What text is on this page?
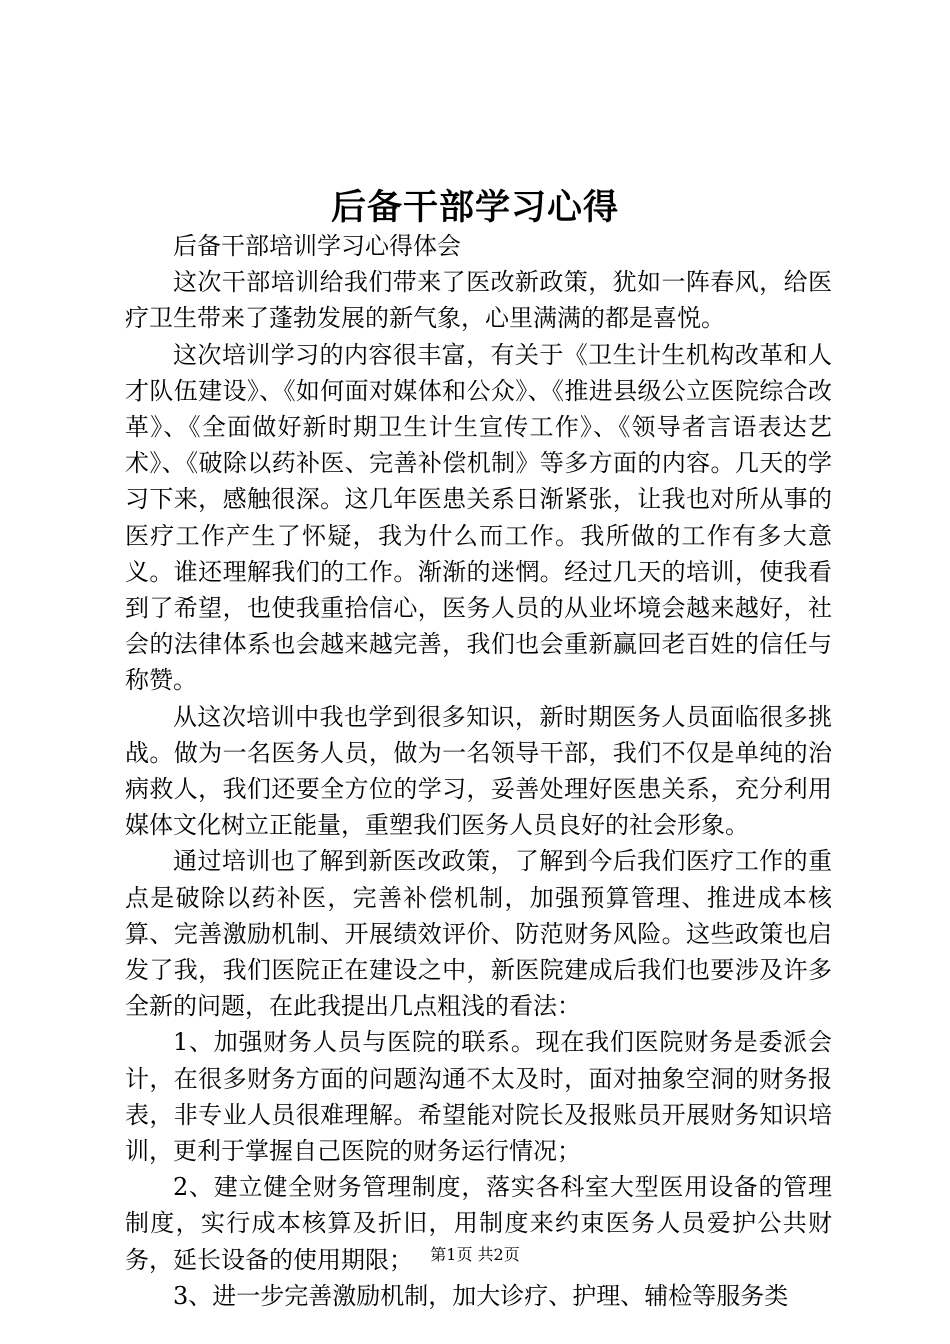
后备干部学习心得

后备干部培训学习心得体会

这次干部培训给我们带来了医改新政策，犹如一阵春风，给医疗卫生带来了蓬勃发展的新气象，心里满满的都是喜悦。

这次培训学习的内容很丰富，有关于《卫生计生机构改革和人才队伍建设》、《如何面对媒体和公众》、《推进县级公立医院综合改革》、《全面做好新时期卫生计生宣传工作》、《领导者言语表达艺术》、《破除以药补医、完善补偿机制》等多方面的内容。几天的学习下来，感触很深。这几年医患关系日渐紧张，让我也对所从事的医疗工作产生了怀疑，我为什么而工作。我所做的工作有多大意义。谁还理解我们的工作。渐渐的迷惘。经过几天的培训，使我看到了希望，也使我重拾信心，医务人员的从业坏境会越来越好，社会的法律体系也会越来越完善，我们也会重新赢回老百姓的信任与称赞。

从这次培训中我也学到很多知识，新时期医务人员面临很多挑战。做为一名医务人员，做为一名领导干部，我们不仅是单纯的治病救人，我们还要全方位的学习，妥善处理好医患关系，充分利用媒体文化树立正能量，重塑我们医务人员良好的社会形象。

通过培训也了解到新医改政策，了解到今后我们医疗工作的重点是破除以药补医，完善补偿机制，加强预算管理、推进成本核算、完善激励机制、开展绩效评价、防范财务风险。这些政策也启发了我，我们医院正在建设之中，新医院建成后我们也要涉及许多全新的问题，在此我提出几点粗浅的看法：

1、加强财务人员与医院的联系。现在我们医院财务是委派会计，在很多财务方面的问题沟通不太及时，面对抽象空洞的财务报表，非专业人员很难理解。希望能对院长及报账员开展财务知识培训，更利于掌握自己医院的财务运行情况；

2、建立健全财务管理制度，落实各科室大型医用设备的管理制度，实行成本核算及折旧，用制度来约束医务人员爱护公共财务，延长设备的使用期限；

3、进一步完善激励机制，加大诊疗、护理、辅检等服务类

第1页 共2页
